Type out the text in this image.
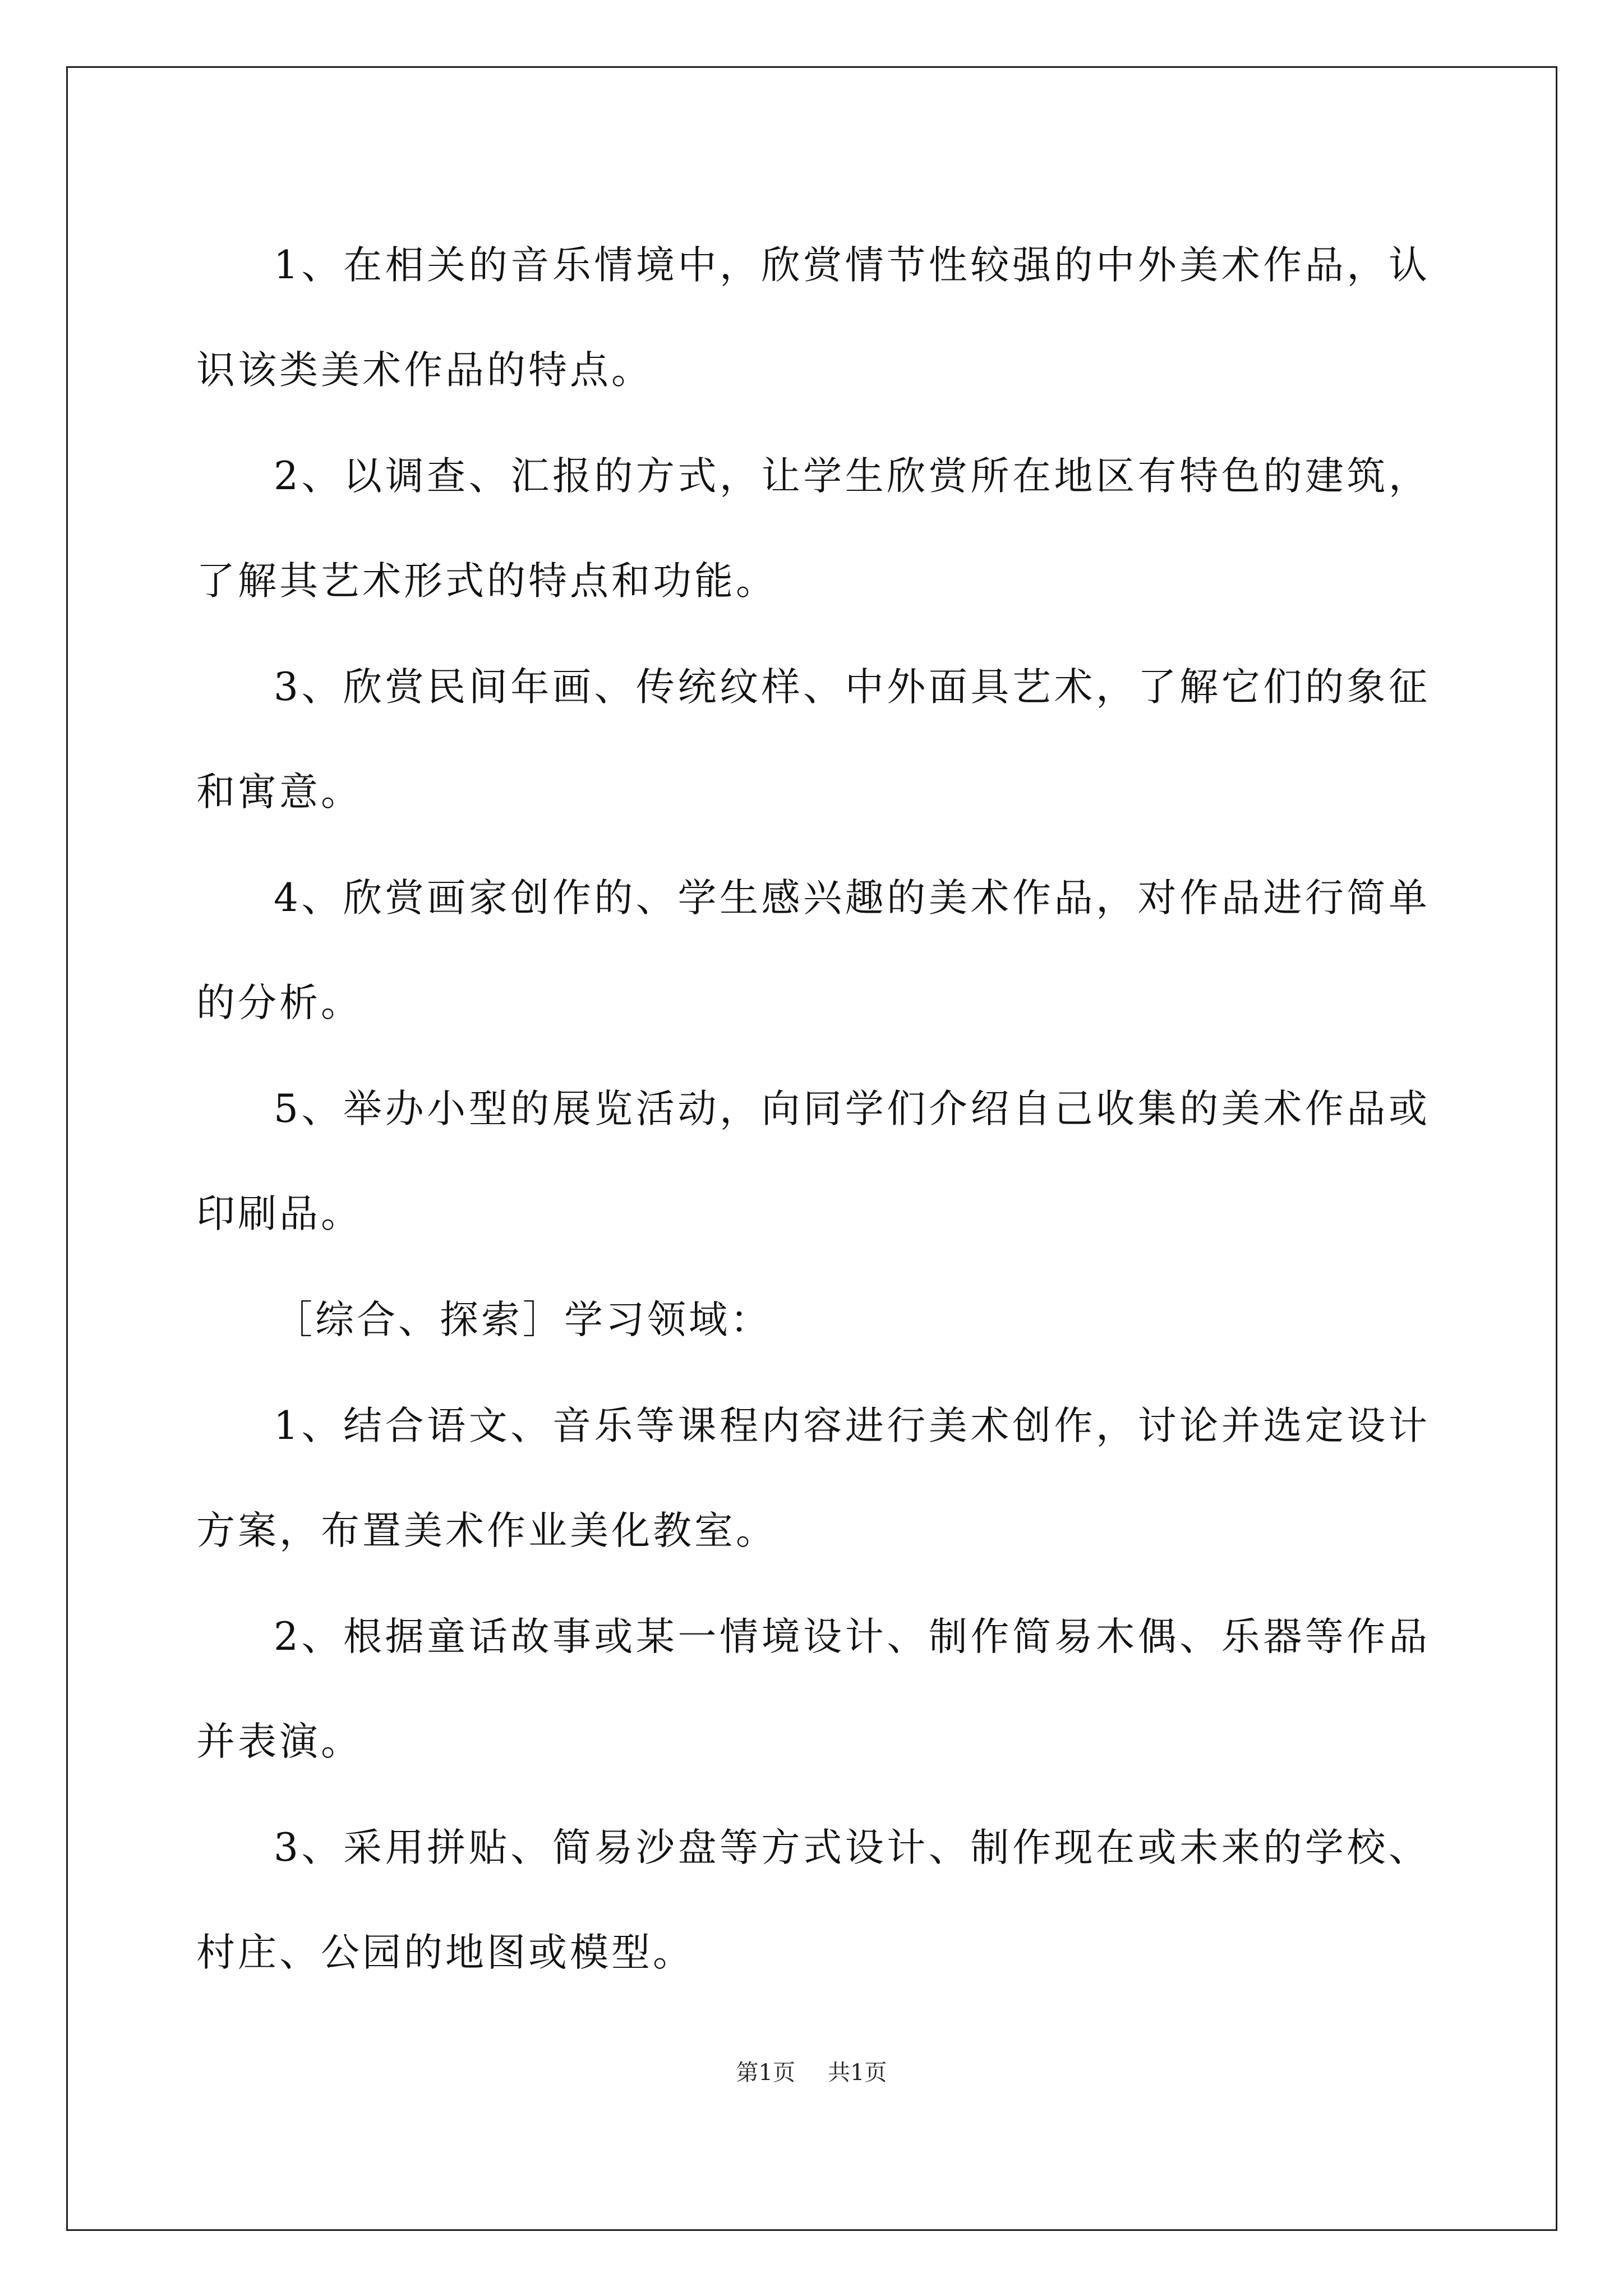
1、在相关的音乐情境中，欣赏情节性较强的中外美术作品，认识该类美术作品的特点。

2、以调查、汇报的方式，让学生欣赏所在地区有特色的建筑，了解其艺术形式的特点和功能。

3、欣赏民间年画、传统纹样、中外面具艺术，了解它们的象征和寓意。

4、欣赏画家创作的、学生感兴趣的美术作品，对作品进行简单的分析。

5、举办小型的展览活动，向同学们介绍自己收集的美术作品或印刷品。

［综合、探索］学习领域：

1、结合语文、音乐等课程内容进行美术创作，讨论并选定设计方案，布置美术作业美化教室。

2、根据童话故事或某一情境设计、制作简易木偶、乐器等作品并表演。

3、采用拼贴、简易沙盘等方式设计、制作现在或未来的学校、村庄、公园的地图或模型。

第1页 共1页
